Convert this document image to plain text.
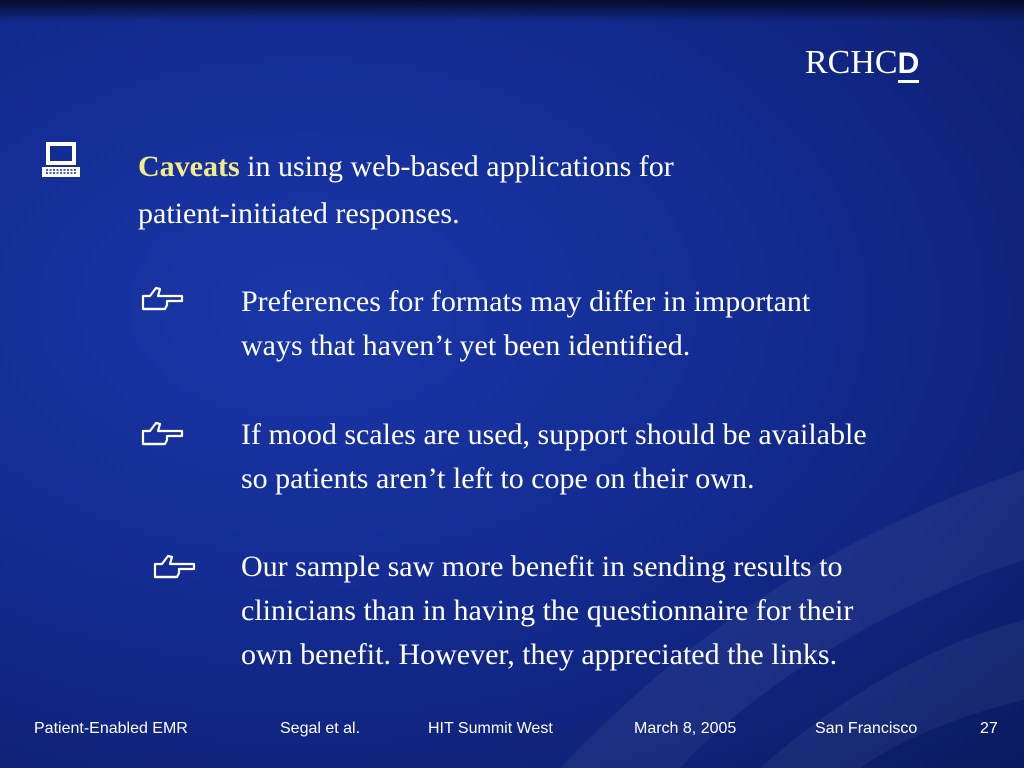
RCHCD
Caveats in using web-based applications for
patient-initiated responses.
Preferences for formats may differ in important
ways that haven’t yet been identified.
If mood scales are used, support should be available
so patients aren’t left to cope on their own.
Our sample saw more benefit in sending results to
clinicians than in having the questionnaire for their
own benefit. However, they appreciated the links.
Patient-Enabled EMR	Segal et al.	HIT Summit West	March 8, 2005	San Francisco	27
